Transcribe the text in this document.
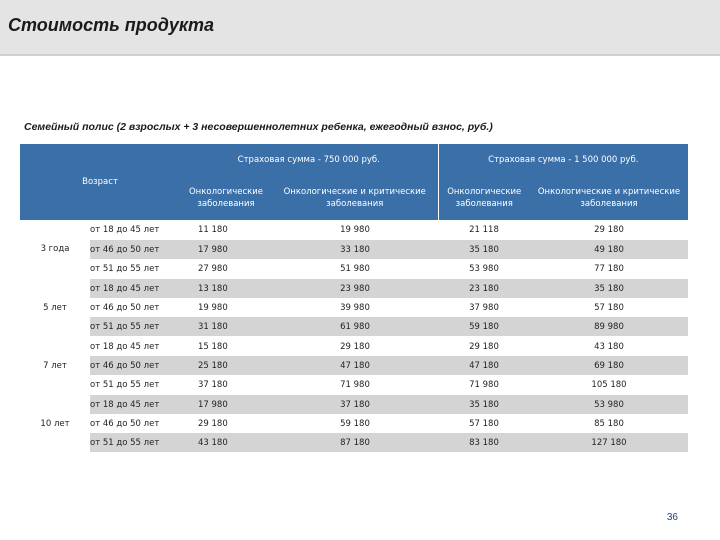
Стоимость продукта

Семейный полис (2 взрослых + 3 несовершеннолетних ребенка, ежегодный взнос, руб.)

Возраст		Страховая сумма - 750 000 руб.		Страховая сумма - 1 500 000 руб.	
		Онкологические заболевания	Онкологические и критические заболевания	Онкологические заболевания	Онкологические и критические заболевания
3 года	от 18 до 45 лет	11 180	19 980	21 118	29 180
	от 46 до 50 лет	17 980	33 180	35 180	49 180
	от 51 до 55 лет	27 980	51 980	53 980	77 180
5 лет	от 18 до 45 лет	13 180	23 980	23 180	35 180
	от 46 до 50 лет	19 980	39 980	37 980	57 180
	от 51 до 55 лет	31 180	61 980	59 180	89 980
7 лет	от 18 до 45 лет	15 180	29 180	29 180	43 180
	от 46 до 50 лет	25 180	47 180	47 180	69 180
	от 51 до 55 лет	37 180	71 980	71 980	105 180
10 лет	от 18 до 45 лет	17 980	37 180	35 180	53 980
	от 46 до 50 лет	29 180	59 180	57 180	85 180
	от 51 до 55 лет	43 180	87 180	83 180	127 180
36
